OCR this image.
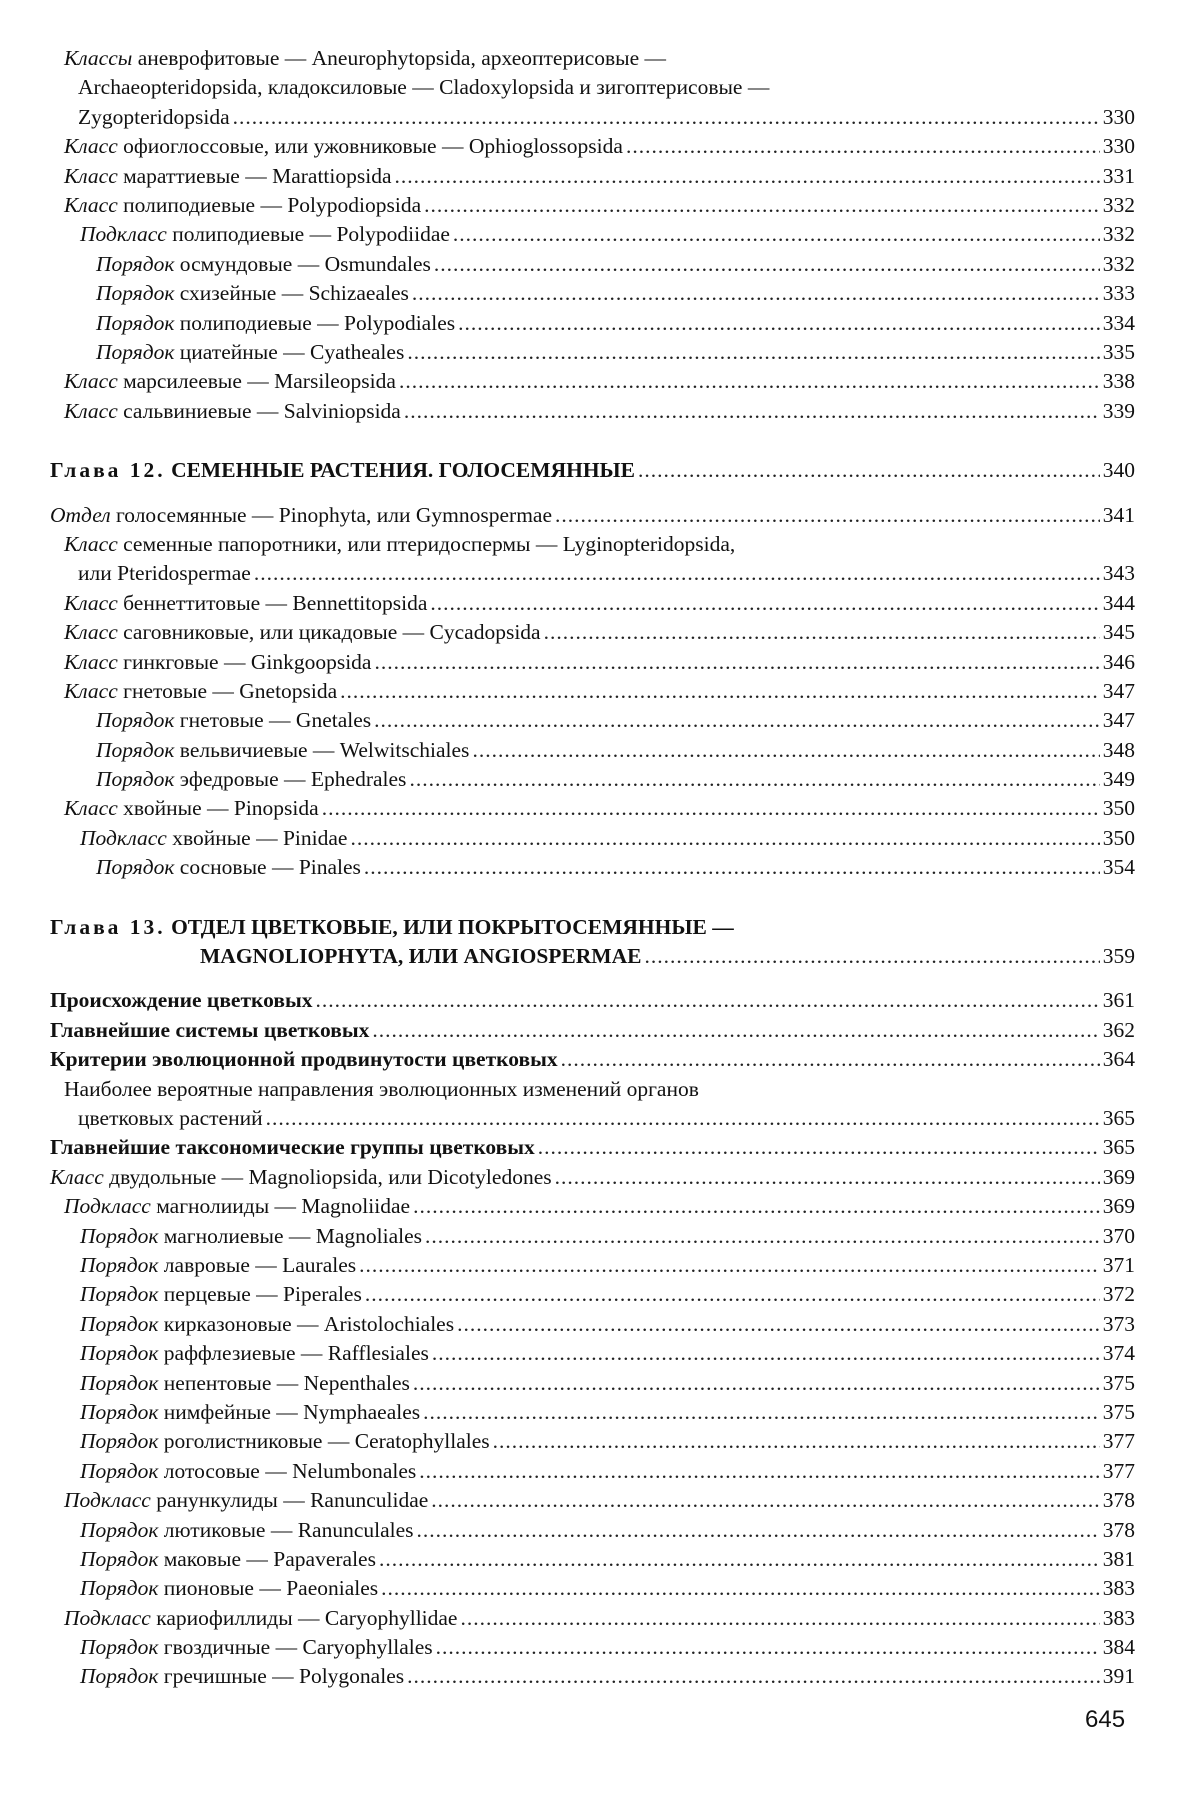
Классы аневрофитовые — Aneurophytopsida, археоптерисовые —
Archaeopteridopsida, кладоксиловые — Cladoxylopsida и зигоптерисовые —
Zygopteridopsida .....	330
Класс офиоглоссовые, или ужовниковые — Ophioglossopsida .....	330
Класс мараттиевые — Marattiopsida .....	331
Класс полиподиевые — Polypodiopsida .....	332
Подкласс полиподиевые — Polypodiidae .....	332
Порядок осмундовые — Osmundales .....	332
Порядок схизейные — Schizaeales .....	333
Порядок полиподиевые — Polypodiales .....	334
Порядок циатейные — Cyatheales .....	335
Класс марсилеевые — Marsileopsida .....	338
Класс сальвиниевые — Salviniopsida .....	339
Глава 12. СЕМЕННЫЕ РАСТЕНИЯ. ГОЛОСЕМЯННЫЕ .....	340
Отдел голосемянные — Pinophyta, или Gymnospermae .....	341
Класс семенные папоротники, или птеридоспермы — Lyginopteridopsida,
или Pteridospermae .....	343
Класс беннеттитовые — Bennettitopsida .....	344
Класс саговниковые, или цикадовые — Cycadopsida .....	345
Класс гинкговые — Ginkgoopsida .....	346
Класс гнетовые — Gnetopsida .....	347
Порядок гнетовые — Gnetales .....	347
Порядок вельвичиевые — Welwitschiales .....	348
Порядок эфедровые — Ephedrales .....	349
Класс хвойные — Pinopsida .....	350
Подкласс хвойные — Pinidae .....	350
Порядок сосновые — Pinales .....	354
Глава 13. ОТДЕЛ ЦВЕТКОВЫЕ, ИЛИ ПОКРЫТОСЕМЯННЫЕ —
MAGNOLIOPHYTA, ИЛИ ANGIOSPERMAE .....	359
Происхождение цветковых .....	361
Главнейшие системы цветковых .....	362
Критерии эволюционной продвинутости цветковых .....	364
Наиболее вероятные направления эволюционных изменений органов
цветковых растений .....	365
Главнейшие таксономические группы цветковых .....	365
Класс двудольные — Magnoliopsida, или Dicotyledones .....	369
Подкласс магнолииды — Magnoliidae .....	369
Порядок магнолиевые — Magnoliales .....	370
Порядок лавровые — Laurales .....	371
Порядок перцевые — Piperales .....	372
Порядок кирказоновые — Aristolochiales .....	373
Порядок раффлезиевые — Rafflesiales .....	374
Порядок непентовые — Nepenthales .....	375
Порядок нимфейные — Nymphaeales .....	375
Порядок роголистниковые — Ceratophyllales .....	377
Порядок лотосовые — Nelumbonales .....	377
Подкласс ранункулиды — Ranunculidae .....	378
Порядок лютиковые — Ranunculales .....	378
Порядок маковые — Papaverales .....	381
Порядок пионовые — Paeoniales .....	383
Подкласс кариофиллиды — Caryophyllidae .....	383
Порядок гвоздичные — Caryophyllales .....	384
Порядок гречишные — Polygonales .....	391
645
